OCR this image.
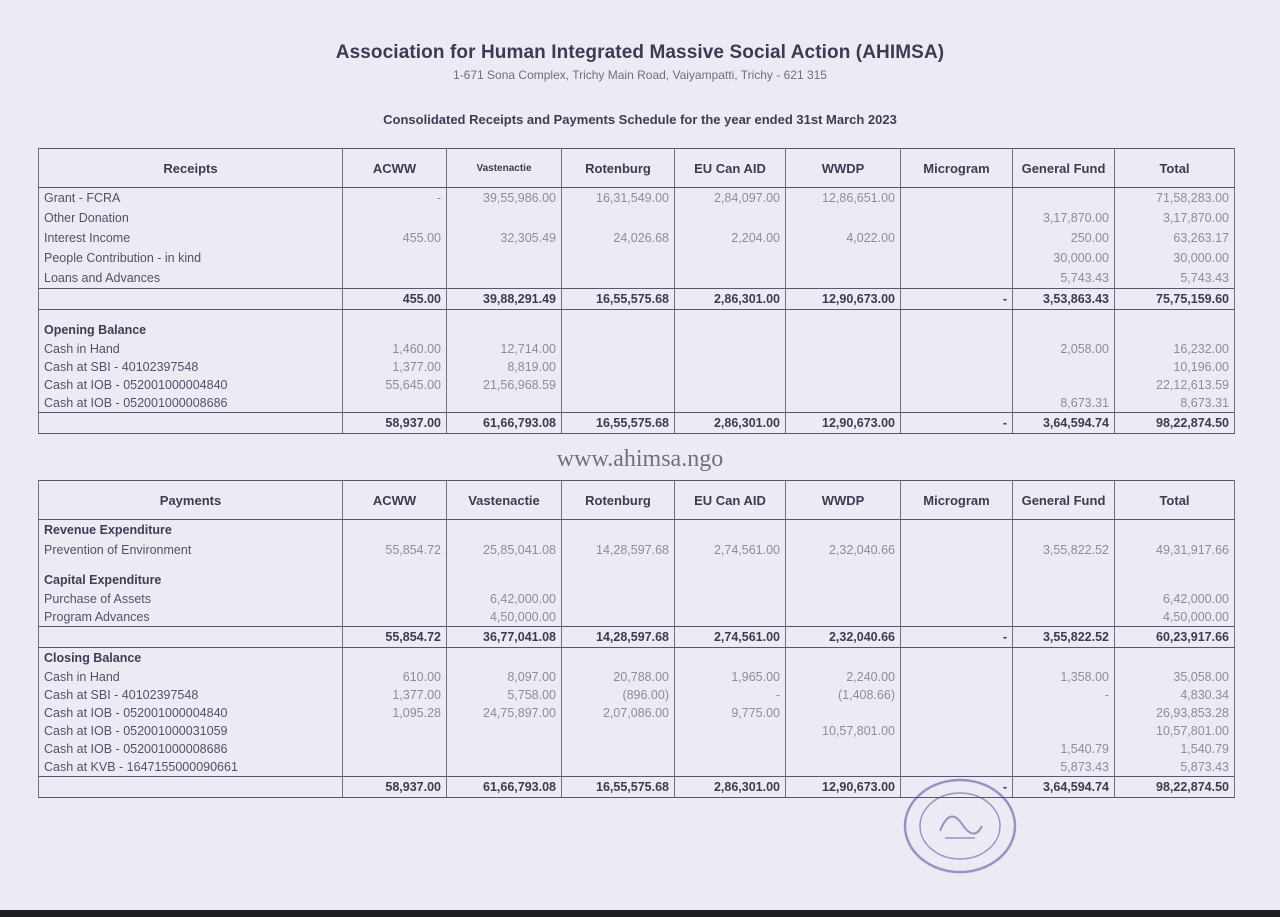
Association for Human Integrated Massive Social Action (AHIMSA)
1-671 Sona Complex, Trichy Main Road, Vaiyampatti, Trichy - 621 315
Consolidated Receipts and Payments Schedule for the year ended 31st March 2023
Receipts	ACWW	Vastenactie	Rotenburg	EU Can AID	WWDP	Microgram	General Fund	Total
Grant - FCRA	-	39,55,986.00	16,31,549.00	2,84,097.00	12,86,651.00			71,58,283.00
Other Donation							3,17,870.00	3,17,870.00
Interest Income	455.00	32,305.49	24,026.68	2,204.00	4,022.00		250.00	63,263.17
People Contribution - in kind							30,000.00	30,000.00
Loans and Advances							5,743.43	5,743.43
	455.00	39,88,291.49	16,55,575.68	2,86,301.00	12,90,673.00	-	3,53,863.43	75,75,159.60

Opening Balance								
Cash in Hand	1,460.00	12,714.00					2,058.00	16,232.00
Cash at SBI - 40102397548	1,377.00	8,819.00						10,196.00
Cash at IOB - 052001000004840	55,645.00	21,56,968.59						22,12,613.59
Cash at IOB - 052001000008686							8,673.31	8,673.31
	58,937.00	61,66,793.08	16,55,575.68	2,86,301.00	12,90,673.00	-	3,64,594.74	98,22,874.50
www.ahimsa.ngo
Payments	ACWW	Vastenactie	Rotenburg	EU Can AID	WWDP	Microgram	General Fund	Total
Revenue Expenditure								
Prevention of Environment	55,854.72	25,85,041.08	14,28,597.68	2,74,561.00	2,32,040.66		3,55,822.52	49,31,917.66

Capital Expenditure								
Purchase of Assets		6,42,000.00						6,42,000.00
Program Advances		4,50,000.00						4,50,000.00
	55,854.72	36,77,041.08	14,28,597.68	2,74,561.00	2,32,040.66	-	3,55,822.52	60,23,917.66
Closing Balance								
Cash in Hand	610.00	8,097.00	20,788.00	1,965.00	2,240.00		1,358.00	35,058.00
Cash at SBI - 40102397548	1,377.00	5,758.00	(896.00)	-	(1,408.66)		-	4,830.34
Cash at IOB - 052001000004840	1,095.28	24,75,897.00	2,07,086.00	9,775.00				26,93,853.28
Cash at IOB - 052001000031059					10,57,801.00			10,57,801.00
Cash at IOB - 052001000008686							1,540.79	1,540.79
Cash at KVB - 1647155000090661							5,873.43	5,873.43
	58,937.00	61,66,793.08	16,55,575.68	2,86,301.00	12,90,673.00	-	3,64,594.74	98,22,874.50
